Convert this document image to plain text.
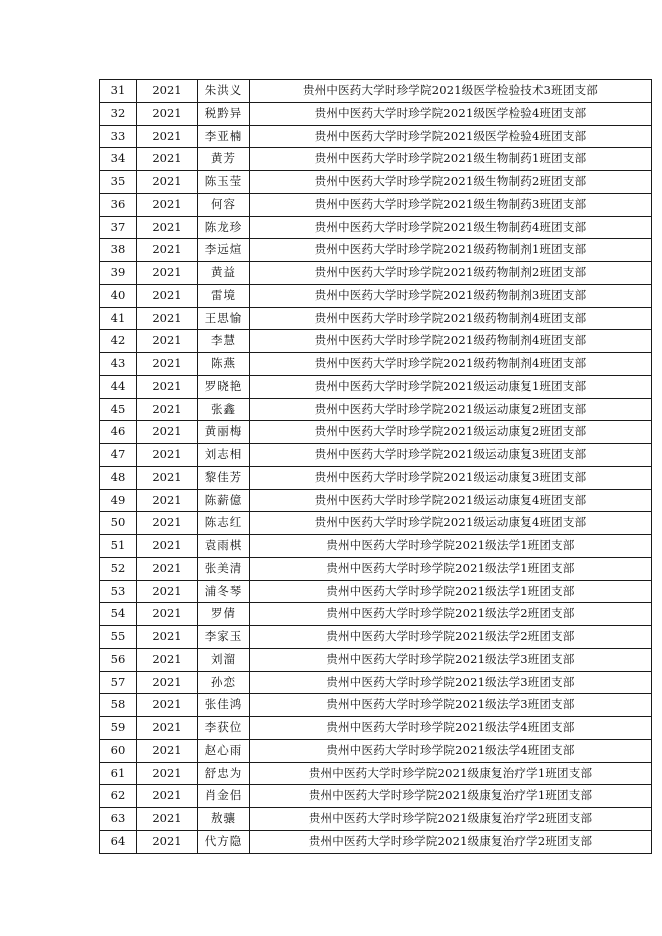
31	2021	朱洪义	贵州中医药大学时珍学院2021级医学检验技术3班团支部
32	2021	税黔异	贵州中医药大学时珍学院2021级医学检验4班团支部
33	2021	李亚楠	贵州中医药大学时珍学院2021级医学检验4班团支部
34	2021	黄芳	贵州中医药大学时珍学院2021级生物制药1班团支部
35	2021	陈玉莹	贵州中医药大学时珍学院2021级生物制药2班团支部
36	2021	何容	贵州中医药大学时珍学院2021级生物制药3班团支部
37	2021	陈龙珍	贵州中医药大学时珍学院2021级生物制药4班团支部
38	2021	李远煊	贵州中医药大学时珍学院2021级药物制剂1班团支部
39	2021	黄益	贵州中医药大学时珍学院2021级药物制剂2班团支部
40	2021	雷境	贵州中医药大学时珍学院2021级药物制剂3班团支部
41	2021	王思愉	贵州中医药大学时珍学院2021级药物制剂4班团支部
42	2021	李慧	贵州中医药大学时珍学院2021级药物制剂4班团支部
43	2021	陈燕	贵州中医药大学时珍学院2021级药物制剂4班团支部
44	2021	罗晓艳	贵州中医药大学时珍学院2021级运动康复1班团支部
45	2021	张鑫	贵州中医药大学时珍学院2021级运动康复2班团支部
46	2021	黄丽梅	贵州中医药大学时珍学院2021级运动康复2班团支部
47	2021	刘志相	贵州中医药大学时珍学院2021级运动康复3班团支部
48	2021	黎佳芳	贵州中医药大学时珍学院2021级运动康复3班团支部
49	2021	陈薪億	贵州中医药大学时珍学院2021级运动康复4班团支部
50	2021	陈志红	贵州中医药大学时珍学院2021级运动康复4班团支部
51	2021	袁雨棋	贵州中医药大学时珍学院2021级法学1班团支部
52	2021	张美清	贵州中医药大学时珍学院2021级法学1班团支部
53	2021	浦冬琴	贵州中医药大学时珍学院2021级法学1班团支部
54	2021	罗倩	贵州中医药大学时珍学院2021级法学2班团支部
55	2021	李家玉	贵州中医药大学时珍学院2021级法学2班团支部
56	2021	刘溜	贵州中医药大学时珍学院2021级法学3班团支部
57	2021	孙恋	贵州中医药大学时珍学院2021级法学3班团支部
58	2021	张佳鸿	贵州中医药大学时珍学院2021级法学3班团支部
59	2021	李获位	贵州中医药大学时珍学院2021级法学4班团支部
60	2021	赵心雨	贵州中医药大学时珍学院2021级法学4班团支部
61	2021	舒忠为	贵州中医药大学时珍学院2021级康复治疗学1班团支部
62	2021	肖金侣	贵州中医药大学时珍学院2021级康复治疗学1班团支部
63	2021	敖骧	贵州中医药大学时珍学院2021级康复治疗学2班团支部
64	2021	代方隐	贵州中医药大学时珍学院2021级康复治疗学2班团支部
